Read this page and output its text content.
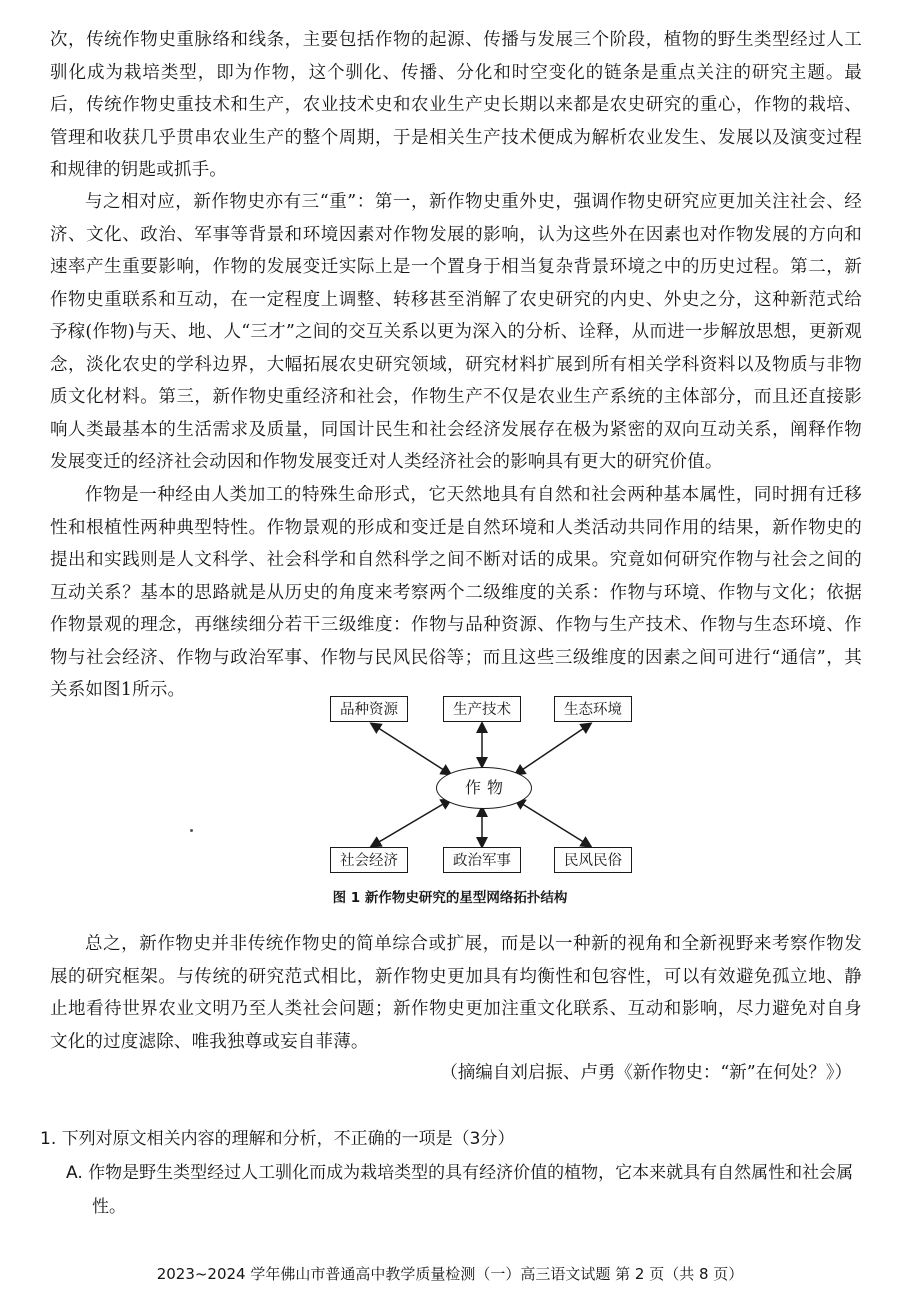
次，传统作物史重脉络和线条，主要包括作物的起源、传播与发展三个阶段，植物的野生类型经过人工驯化成为栽培类型，即为作物，这个驯化、传播、分化和时空变化的链条是重点关注的研究主题。最后，传统作物史重技术和生产，农业技术史和农业生产史长期以来都是农史研究的重心，作物的栽培、管理和收获几乎贯串农业生产的整个周期，于是相关生产技术便成为解析农业发生、发展以及演变过程和规律的钥匙或抓手。

与之相对应，新作物史亦有三“重”：第一，新作物史重外史，强调作物史研究应更加关注社会、经济、文化、政治、军事等背景和环境因素对作物发展的影响，认为这些外在因素也对作物发展的方向和速率产生重要影响，作物的发展变迁实际上是一个置身于相当复杂背景环境之中的历史过程。第二，新作物史重联系和互动，在一定程度上调整、转移甚至消解了农史研究的内史、外史之分，这种新范式给予稼(作物)与天、地、人“三才”之间的交互关系以更为深入的分析、诠释，从而进一步解放思想，更新观念，淡化农史的学科边界，大幅拓展农史研究领域，研究材料扩展到所有相关学科资料以及物质与非物质文化材料。第三，新作物史重经济和社会，作物生产不仅是农业生产系统的主体部分，而且还直接影响人类最基本的生活需求及质量，同国计民生和社会经济发展存在极为紧密的双向互动关系，阐释作物发展变迁的经济社会动因和作物发展变迁对人类经济社会的影响具有更大的研究价值。

作物是一种经由人类加工的特殊生命形式，它天然地具有自然和社会两种基本属性，同时拥有迁移性和根植性两种典型特性。作物景观的形成和变迁是自然环境和人类活动共同作用的结果，新作物史的提出和实践则是人文科学、社会科学和自然科学之间不断对话的成果。究竟如何研究作物与社会之间的互动关系？基本的思路就是从历史的角度来考察两个二级维度的关系：作物与环境、作物与文化；依据作物景观的理念，再继续细分若干三级维度：作物与品种资源、作物与生产技术、作物与生态环境、作物与社会经济、作物与政治军事、作物与民风民俗等；而且这些三级维度的因素之间可进行“通信”，其关系如图1所示。

品种资源	生产技术	生态环境
作物
社会经济	政治军事	民风民俗

图 1 新作物史研究的星型网络拓扑结构

总之，新作物史并非传统作物史的简单综合或扩展，而是以一种新的视角和全新视野来考察作物发展的研究框架。与传统的研究范式相比，新作物史更加具有均衡性和包容性，可以有效避免孤立地、静止地看待世界农业文明乃至人类社会问题；新作物史更加注重文化联系、互动和影响，尽力避免对自身文化的过度滤除、唯我独尊或妄自菲薄。

（摘编自刘启振、卢勇《新作物史：“新”在何处？》）

1. 下列对原文相关内容的理解和分析，不正确的一项是（3分）

A. 作物是野生类型经过人工驯化而成为栽培类型的具有经济价值的植物，它本来就具有自然属性和社会属性。

2023~2024 学年佛山市普通高中教学质量检测（一）高三语文试题 第 2 页（共 8 页）
